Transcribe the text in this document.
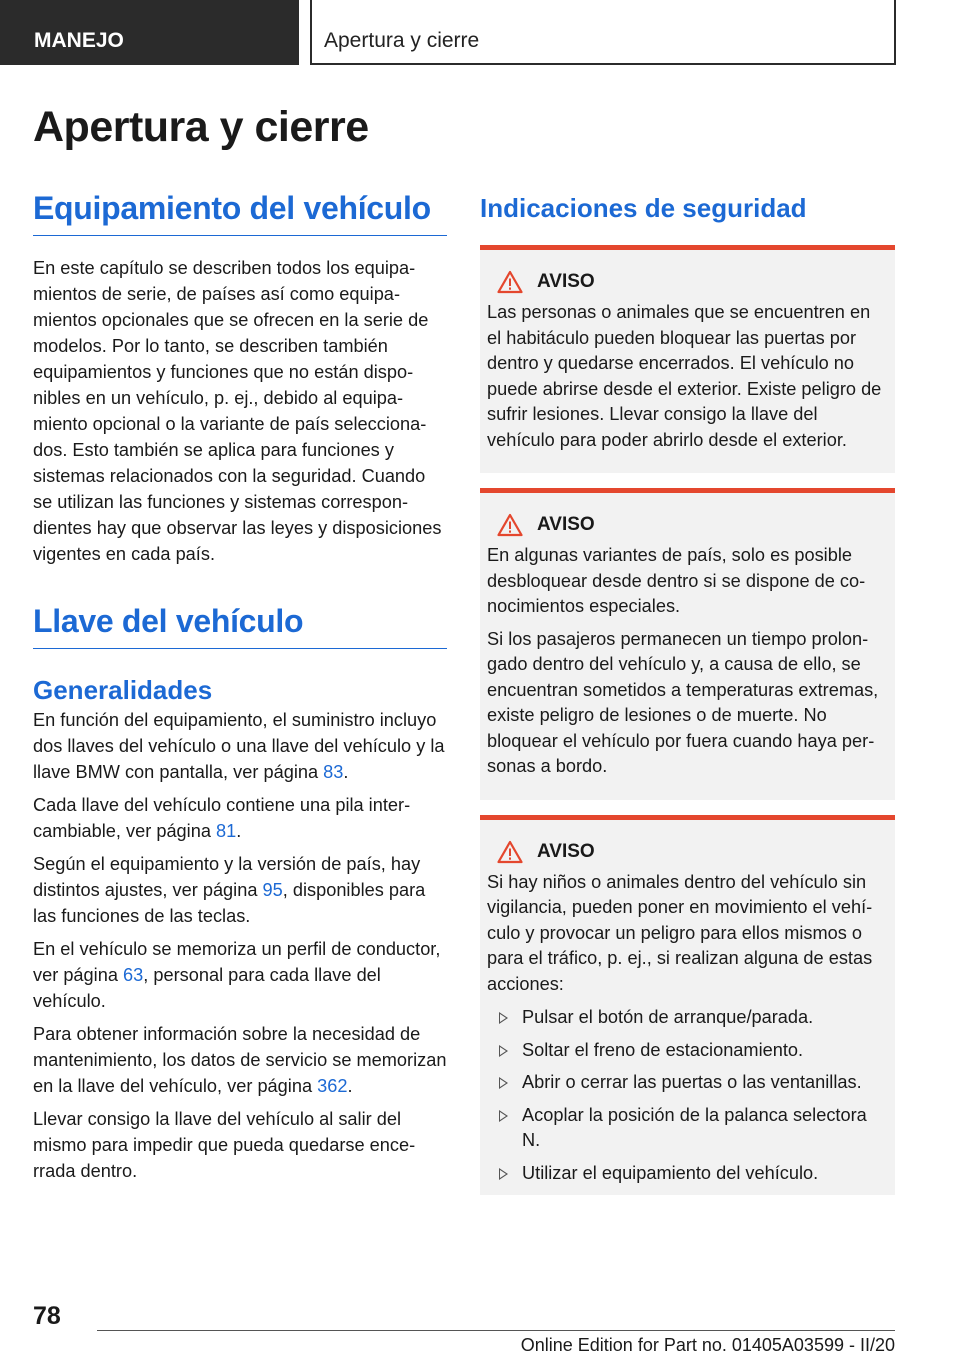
MANEJO	Apertura y cierre
Apertura y cierre
Equipamiento del vehículo

En este capítulo se describen todos los equipamientos de serie, de países así como equipamientos opcionales que se ofrecen en la serie de modelos. Por lo tanto, se describen también equipamientos y funciones que no están disponibles en un vehículo, p. ej., debido al equipamiento opcional o la variante de país seleccionados. Esto también se aplica para funciones y sistemas relacionados con la seguridad. Cuando se utilizan las funciones y sistemas correspondientes hay que observar las leyes y disposiciones vigentes en cada país.

Llave del vehículo
Generalidades

En función del equipamiento, el suministro incluyo dos llaves del vehículo o una llave del vehículo y la llave BMW con pantalla, ver página 83.

Cada llave del vehículo contiene una pila intercambiable, ver página 81.

Según el equipamiento y la versión de país, hay distintos ajustes, ver página 95, disponibles para las funciones de las teclas.

En el vehículo se memoriza un perfil de conductor, ver página 63, personal para cada llave del vehículo.

Para obtener información sobre la necesidad de mantenimiento, los datos de servicio se memorizan en la llave del vehículo, ver página 362.

Llevar consigo la llave del vehículo al salir del mismo para impedir que pueda quedarse encerrada dentro.

Indicaciones de seguridad
AVISO

Las personas o animales que se encuentren en el habitáculo pueden bloquear las puertas por dentro y quedarse encerrados. El vehículo no puede abrirse desde el exterior. Existe peligro de sufrir lesiones. Llevar consigo la llave del vehículo para poder abrirlo desde el exterior.

AVISO

En algunas variantes de país, solo es posible desbloquear desde dentro si se dispone de conocimientos especiales.

Si los pasajeros permanecen un tiempo prolongado dentro del vehículo y, a causa de ello, se encuentran sometidos a temperaturas extremas, existe peligro de lesiones o de muerte. No bloquear el vehículo por fuera cuando haya personas a bordo.

AVISO

Si hay niños o animales dentro del vehículo sin vigilancia, pueden poner en movimiento el vehículo y provocar un peligro para ellos mismos o para el tráfico, p. ej., si realizan alguna de estas acciones:

Pulsar el botón de arranque/parada.
Soltar el freno de estacionamiento.
Abrir o cerrar las puertas o las ventanillas.
Acoplar la posición de la palanca selectora N.
Utilizar el equipamiento del vehículo.
78
Online Edition for Part no. 01405A03599 - II/20
